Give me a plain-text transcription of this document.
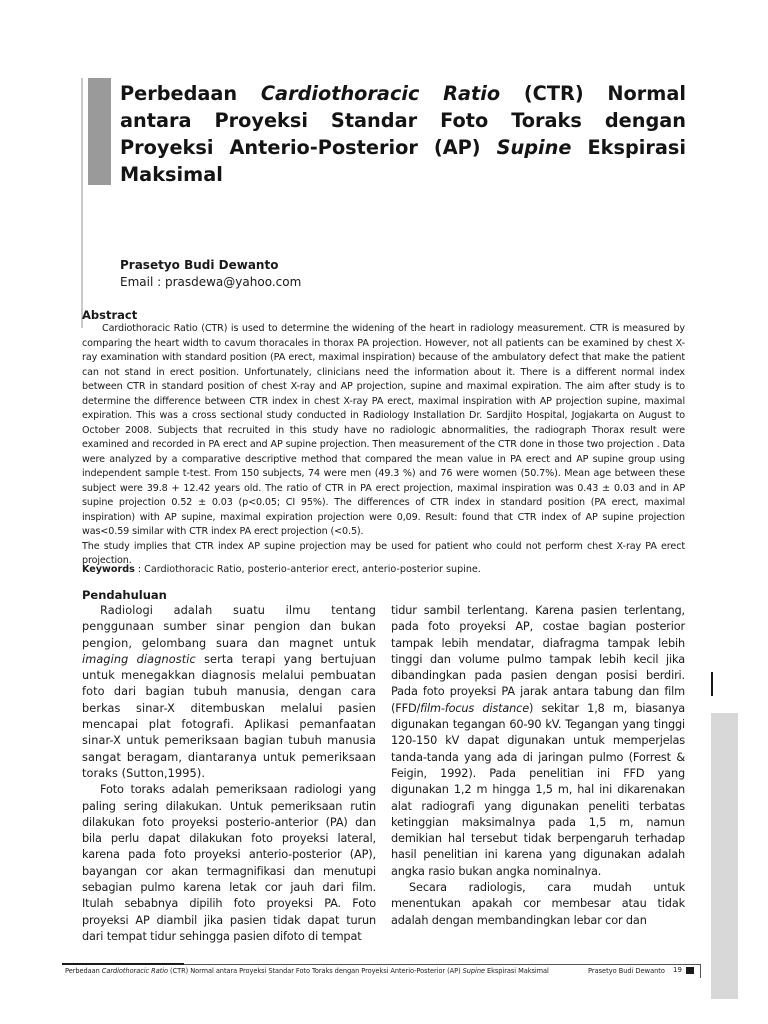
Perbedaan Cardiothoracic Ratio (CTR) Normal antara Proyeksi Standar Foto Toraks dengan Proyeksi Anterio-Posterior (AP) Supine Ekspirasi Maksimal
Prasetyo Budi Dewanto
Email : prasdewa@yahoo.com
Abstract

Cardiothoracic Ratio (CTR) is used to determine the widening of the heart in radiology measurement. CTR is measured by comparing the heart width to cavum thoracales in thorax PA projection. However, not all patients can be examined by chest X-ray examination with standard position (PA erect, maximal inspiration) because of the ambulatory defect that make the patient can not stand in erect position. Unfortunately, clinicians need the information about it. There is a different normal index between CTR in standard position of chest X-ray and AP projection, supine and maximal expiration. The aim after study is to determine the difference between CTR index in chest X-ray PA erect, maximal inspiration with AP projection supine, maximal expiration. This was a cross sectional study conducted in Radiology Installation Dr. Sardjito Hospital, Jogjakarta on August to October 2008. Subjects that recruited in this study have no radiologic abnormalities, the radiograph Thorax result were examined and recorded in PA erect and AP supine projection. Then measurement of the CTR done in those two projection . Data were analyzed by a comparative descriptive method that compared the mean value in PA erect and AP supine group using independent sample t-test. From 150 subjects, 74 were men (49.3 %) and 76 were women (50.7%). Mean age between these subject were 39.8 + 12.42 years old. The ratio of CTR in PA erect projection, maximal inspiration was 0.43 ± 0.03 and in AP supine projection 0.52 ± 0.03 (p<0.05; CI 95%). The differences of CTR index in standard position (PA erect, maximal inspiration) with AP supine, maximal expiration projection were 0,09. Result: found that CTR index of AP supine projection was<0.59 similar with CTR index PA erect projection (<0.5).

The study implies that CTR index AP supine projection may be used for patient who could not perform chest X-ray PA erect projection.

Keywords : Cardiothoracic Ratio, posterio-anterior erect, anterio-posterior supine.
Pendahuluan

Radiologi adalah suatu ilmu tentang penggunaan sumber sinar pengion dan bukan pengion, gelombang suara dan magnet untuk imaging diagnostic serta terapi yang bertujuan untuk menegakkan diagnosis melalui pembuatan foto dari bagian tubuh manusia, dengan cara berkas sinar-X ditembuskan melalui pasien mencapai plat fotografi. Aplikasi pemanfaatan sinar-X untuk pemeriksaan bagian tubuh manusia sangat beragam, diantaranya untuk pemeriksaan toraks (Sutton,1995).

Foto toraks adalah pemeriksaan radiologi yang paling sering dilakukan. Untuk pemeriksaan rutin dilakukan foto proyeksi posterio-anterior (PA) dan bila perlu dapat dilakukan foto proyeksi lateral, karena pada foto proyeksi anterio-posterior (AP), bayangan cor akan termagnifikasi dan menutupi sebagian pulmo karena letak cor jauh dari film. Itulah sebabnya dipilih foto proyeksi PA. Foto proyeksi AP diambil jika pasien tidak dapat turun dari tempat tidur sehingga pasien difoto di tempat

tidur sambil terlentang. Karena pasien terlentang, pada foto proyeksi AP, costae bagian posterior tampak lebih mendatar, diafragma tampak lebih tinggi dan volume pulmo tampak lebih kecil jika dibandingkan pada pasien dengan posisi berdiri. Pada foto proyeksi PA jarak antara tabung dan film (FFD/film-focus distance) sekitar 1,8 m, biasanya digunakan tegangan 60-90 kV. Tegangan yang tinggi 120-150 kV dapat digunakan untuk memperjelas tanda-tanda yang ada di jaringan pulmo (Forrest & Feigin, 1992). Pada penelitian ini FFD yang digunakan 1,2 m hingga 1,5 m, hal ini dikarenakan alat radiografi yang digunakan peneliti terbatas ketinggian maksimalnya pada 1,5 m, namun demikian hal tersebut tidak berpengaruh terhadap hasil penelitian ini karena yang digunakan adalah angka rasio bukan angka nominalnya.

Secara radiologis, cara mudah untuk menentukan apakah cor membesar atau tidak adalah dengan membandingkan lebar cor dan

Perbedaan Cardiothoracic Ratio (CTR) Normal antara Proyeksi Standar Foto Toraks dengan Proyeksi Anterio-Posterior (AP) Supine Ekspirasi Maksimal	Prasetyo Budi Dewanto 19
